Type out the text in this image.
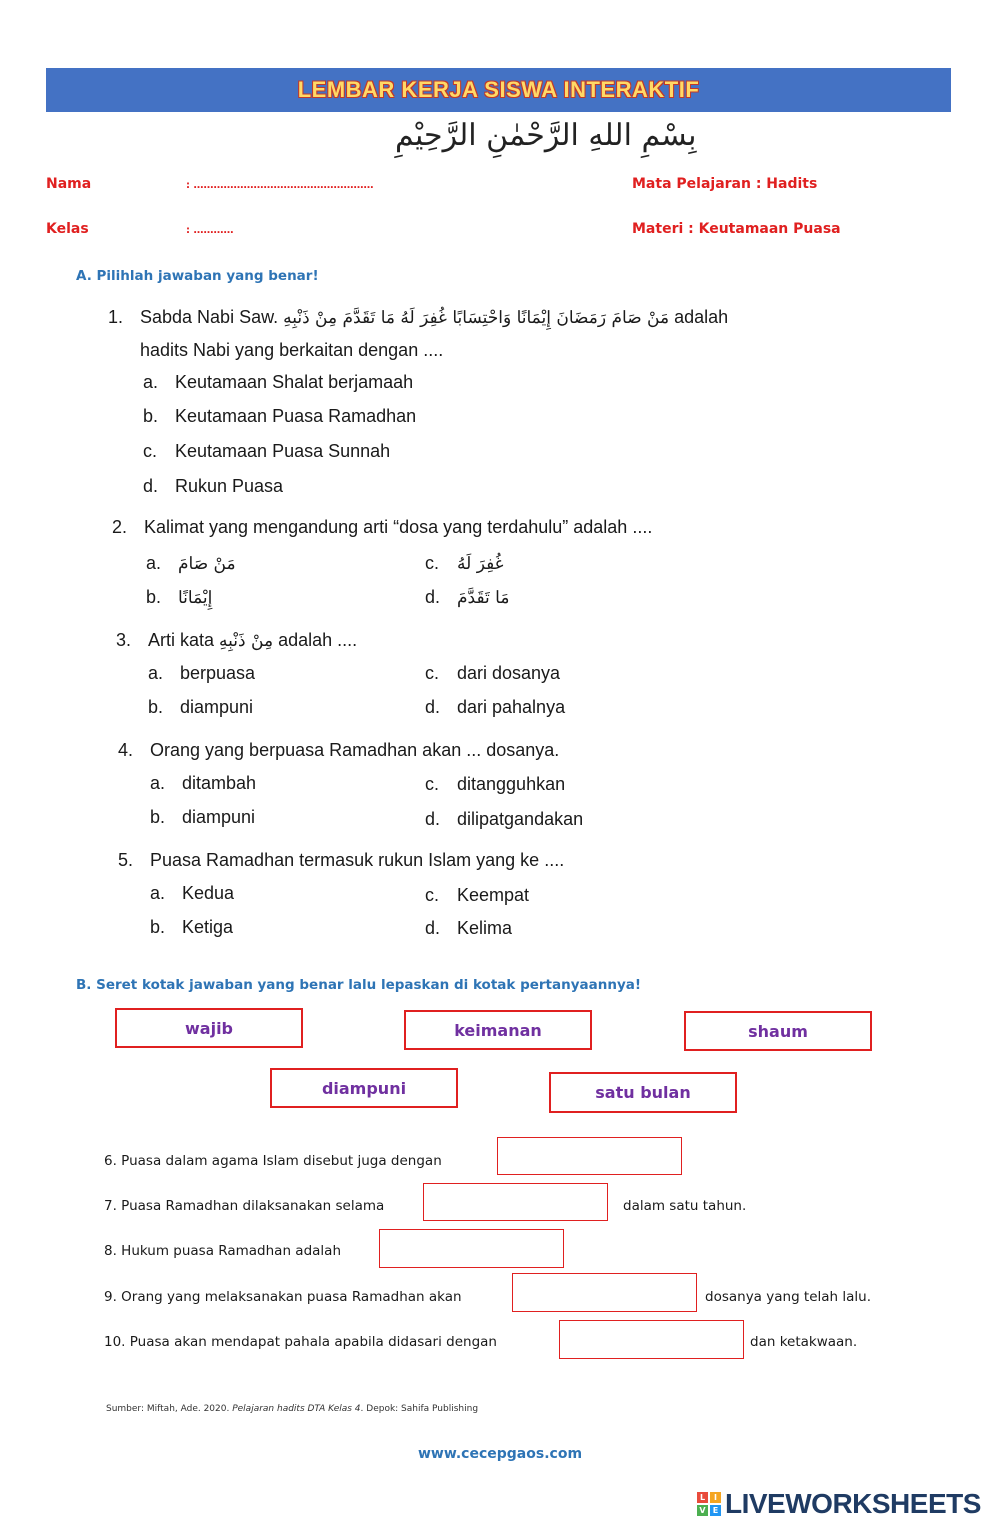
LEMBAR KERJA SISWA INTERAKTIF
بِسْمِ اللهِ الرَّحْمٰنِ الرَّحِيْمِ
Nama	: ………………………………………………	Mata Pelajaran : Hadits
Kelas	: …………	Materi : Keutamaan Puasa
A. Pilihlah jawaban yang benar!
1. Sabda Nabi Saw. مَنْ صَامَ رَمَضَانَ إِيْمَانًا وَاحْتِسَابًا غُفِرَ لَهُ مَا تَقَدَّمَ مِنْ ذَنْبِهِ adalah
hadits Nabi yang berkaitan dengan ....
a. Keutamaan Shalat berjamaah
b. Keutamaan Puasa Ramadhan
c. Keutamaan Puasa Sunnah
d. Rukun Puasa
2. Kalimat yang mengandung arti “dosa yang terdahulu” adalah ....
a. مَنْ صَامَ
b. إِيْمَانًا
c. غُفِرَ لَهُ
d. مَا تَقَدَّمَ
3. Arti kata مِنْ ذَنْبِهِ adalah ....
a. berpuasa
b. diampuni
c. dari dosanya
d. dari pahalnya
4. Orang yang berpuasa Ramadhan akan ... dosanya.
a. ditambah
b. diampuni
c. ditangguhkan
d. dilipatgandakan
5. Puasa Ramadhan termasuk rukun Islam yang ke ....
a. Kedua
b. Ketiga
c. Keempat
d. Kelima
B. Seret kotak jawaban yang benar lalu lepaskan di kotak pertanyaannya!
wajib	keimanan	shaum
diampuni	satu bulan
6. Puasa dalam agama Islam disebut juga dengan
7. Puasa Ramadhan dilaksanakan selama	dalam satu tahun.
8. Hukum puasa Ramadhan adalah
9. Orang yang melaksanakan puasa Ramadhan akan	dosanya yang telah lalu.
10. Puasa akan mendapat pahala apabila didasari dengan	dan ketakwaan.
Sumber: Miftah, Ade. 2020. Pelajaran hadits DTA Kelas 4. Depok: Sahifa Publishing
www.cecepgaos.com
L	I
V E LIVEWORKSHEETS
